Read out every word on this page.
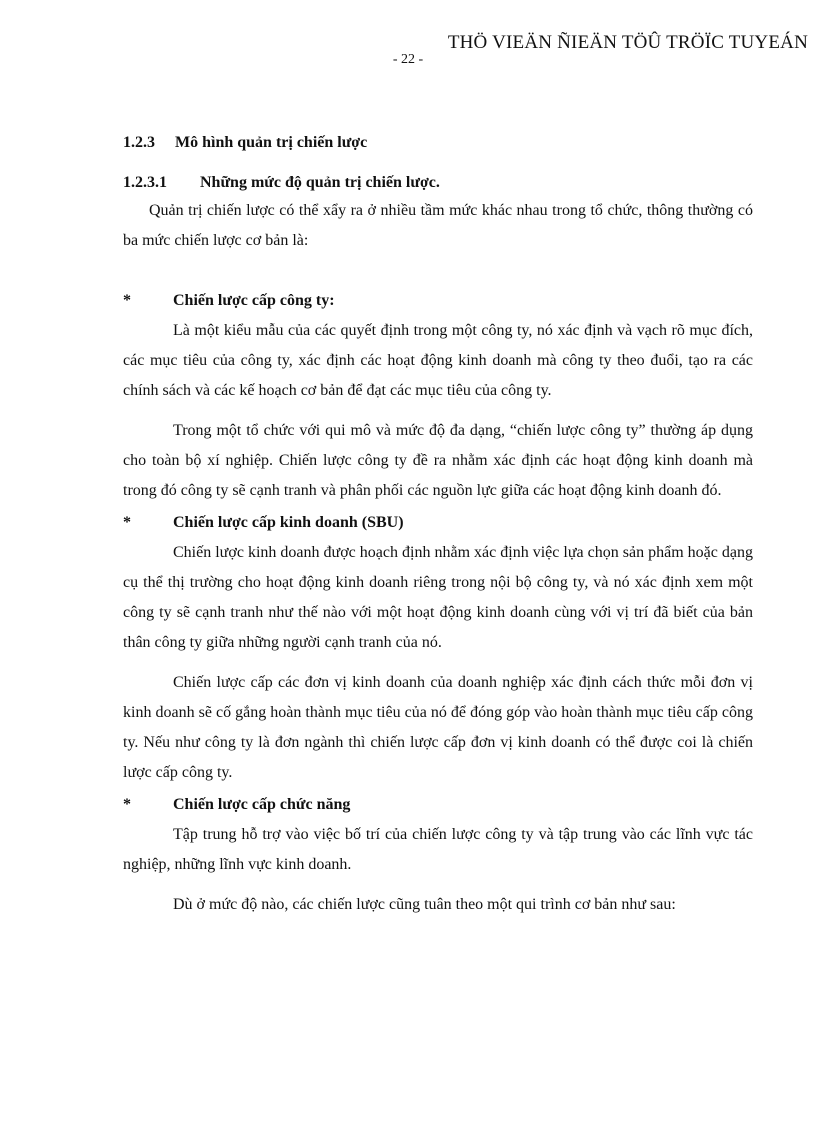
THÖ VIEÄN ÑIEÄN TÖÛ TRÖÏC TUYEÁN
- 22 -
1.2.3 Mô hình quản trị chiến lược
1.2.3.1 Những mức độ quản trị chiến lược.

Quản trị chiến lược có thể xẩy ra ở nhiều tầm mức khác nhau trong tổ chức, thông thường có ba mức chiến lược cơ bản là:

*	Chiến lược cấp công ty:

Là một kiểu mẫu của các quyết định trong một công ty, nó xác định và vạch rõ mục đích, các mục tiêu của công ty, xác định các hoạt động kinh doanh mà công ty theo đuổi, tạo ra các chính sách và các kế hoạch cơ bản để đạt các mục tiêu của công ty.

Trong một tổ chức với qui mô và mức độ đa dạng, “chiến lược công ty” thường áp dụng cho toàn bộ xí nghiệp. Chiến lược công ty đề ra nhằm xác định các hoạt động kinh doanh mà trong đó công ty sẽ cạnh tranh và phân phối các nguồn lực giữa các hoạt động kinh doanh đó.

*	Chiến lược cấp kinh doanh (SBU)

Chiến lược kinh doanh được hoạch định nhằm xác định việc lựa chọn sản phẩm hoặc dạng cụ thể thị trường cho hoạt động kinh doanh riêng trong nội bộ công ty, và nó xác định xem một công ty sẽ cạnh tranh như thế nào với một hoạt động kinh doanh cùng với vị trí đã biết của bản thân công ty giữa những người cạnh tranh của nó.

Chiến lược cấp các đơn vị kinh doanh của doanh nghiệp xác định cách thức mỗi đơn vị kinh doanh sẽ cố gắng hoàn thành mục tiêu của nó để đóng góp vào hoàn thành mục tiêu cấp công ty. Nếu như công ty là đơn ngành thì chiến lược cấp đơn vị kinh doanh có thể được coi là chiến lược cấp công ty.

*	Chiến lược cấp chức năng

Tập trung hỗ trợ vào việc bố trí của chiến lược công ty và tập trung vào các lĩnh vực tác nghiệp, những lĩnh vực kinh doanh.

Dù ở mức độ nào, các chiến lược cũng tuân theo một qui trình cơ bản như sau:
